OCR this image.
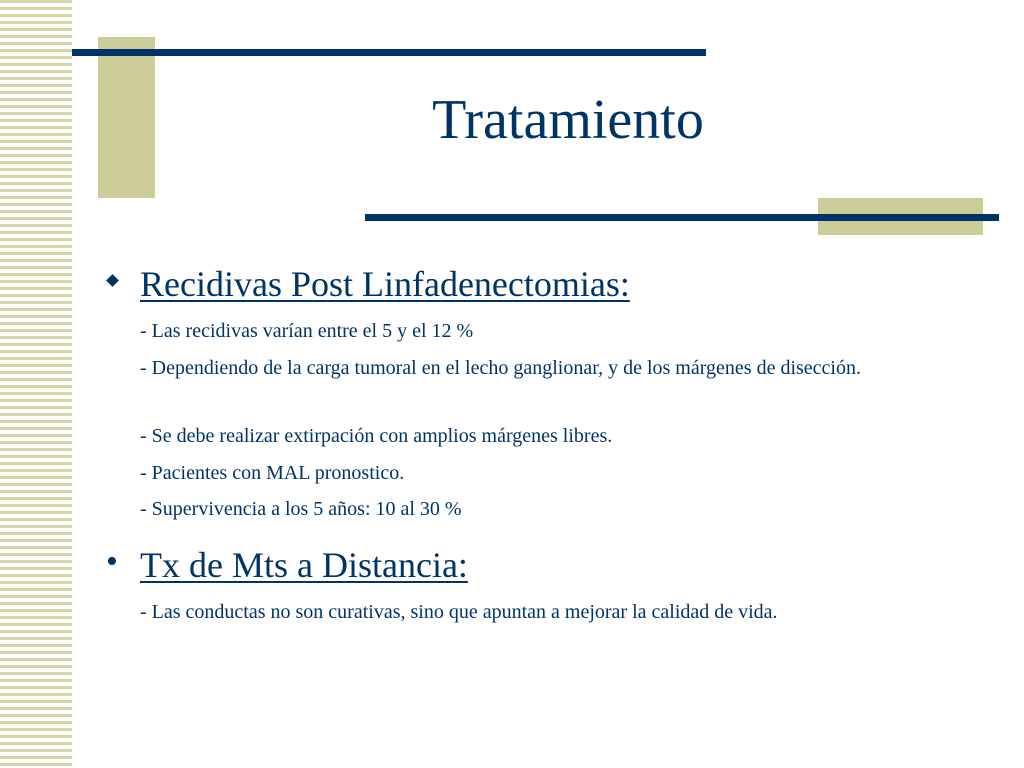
Tratamiento
Recidivas Post Linfadenectomias:
- Las recidivas varían entre el 5 y el 12 %
- Dependiendo de la carga tumoral en el lecho ganglionar, y de los márgenes de disección.
- Se debe realizar extirpación con amplios márgenes libres.
- Pacientes con MAL pronostico.
- Supervivencia a los 5 años: 10 al 30 %
• Tx de Mts a Distancia:
- Las conductas no son curativas, sino que apuntan a mejorar la calidad de vida.
